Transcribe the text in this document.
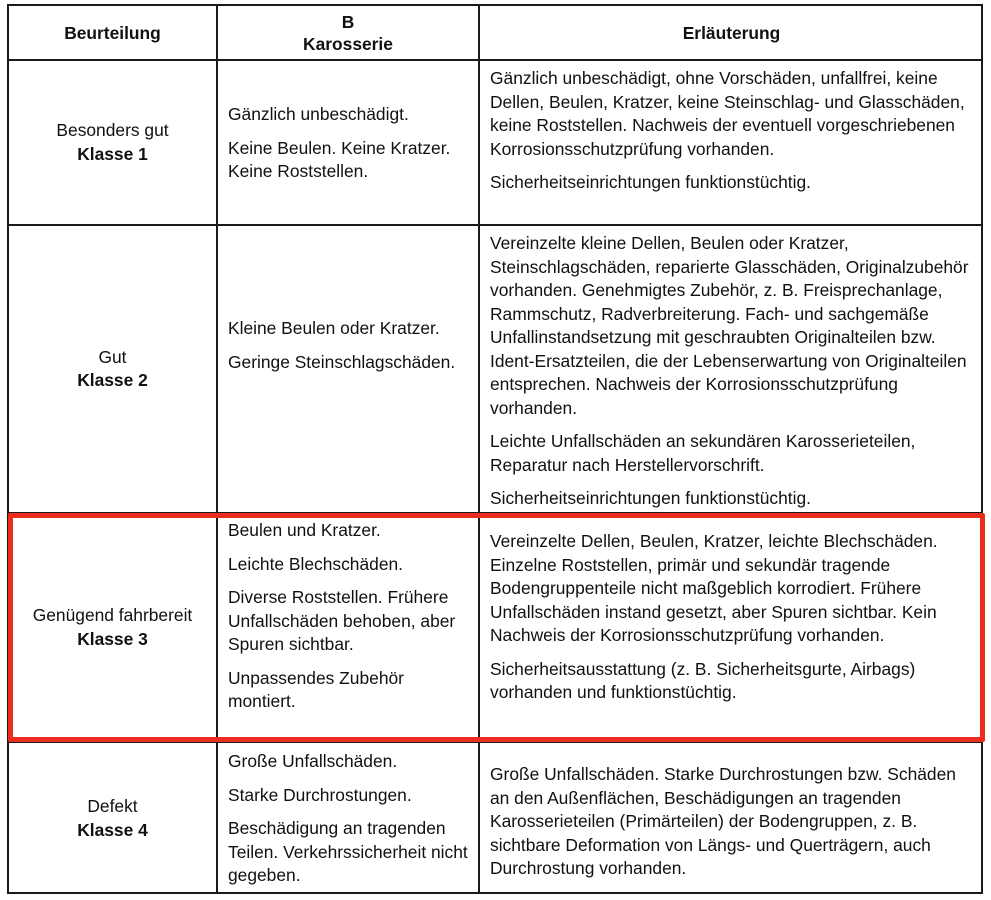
Beurteilung
B
Karosserie
Erläuterung
Besonders gut
Klasse 1

Gänzlich unbeschädigt.

Keine Beulen. Keine Kratzer. Keine Roststellen.

Gänzlich unbeschädigt, ohne Vorschäden, unfallfrei, keine Dellen, Beulen, Kratzer, keine Steinschlag- und Glasschäden, keine Roststellen. Nachweis der eventuell vorgeschriebenen Korrosionsschutzprüfung vorhanden.

Sicherheitseinrichtungen funktionstüchtig.

Gut
Klasse 2

Kleine Beulen oder Kratzer.

Geringe Steinschlagschäden.

Vereinzelte kleine Dellen, Beulen oder Kratzer, Steinschlagschäden, reparierte Glasschäden, Originalzubehör vorhanden. Genehmigtes Zubehör, z. B. Freisprechanlage, Rammschutz, Radverbreiterung. Fach- und sachgemäße Unfallinstandsetzung mit geschraubten Originalteilen bzw. Ident-Ersatzteilen, die der Lebenserwartung von Originalteilen entsprechen. Nachweis der Korrosionsschutzprüfung vorhanden.

Leichte Unfallschäden an sekundären Karosserieteilen, Reparatur nach Herstellervorschrift.

Sicherheitseinrichtungen funktionstüchtig.

Genügend fahrbereit
Klasse 3

Beulen und Kratzer.

Leichte Blechschäden.

Diverse Roststellen. Frühere Unfallschäden behoben, aber Spuren sichtbar.

Unpassendes Zubehör montiert.

Vereinzelte Dellen, Beulen, Kratzer, leichte Blechschäden. Einzelne Roststellen, primär und sekundär tragende Bodengruppenteile nicht maßgeblich korrodiert. Frühere Unfallschäden instand gesetzt, aber Spuren sichtbar. Kein Nachweis der Korrosionsschutzprüfung vorhanden.

Sicherheitsausstattung (z. B. Sicherheitsgurte, Airbags) vorhanden und funktionstüchtig.

Defekt
Klasse 4

Große Unfallschäden.

Starke Durchrostungen.

Beschädigung an tragenden Teilen. Verkehrssicherheit nicht gegeben.

Große Unfallschäden. Starke Durchrostungen bzw. Schäden an den Außenflächen, Beschädigungen an tragenden Karosserieteilen (Primärteilen) der Bodengruppen, z. B. sichtbare Deformation von Längs- und Querträgern, auch Durchrostung vorhanden.
